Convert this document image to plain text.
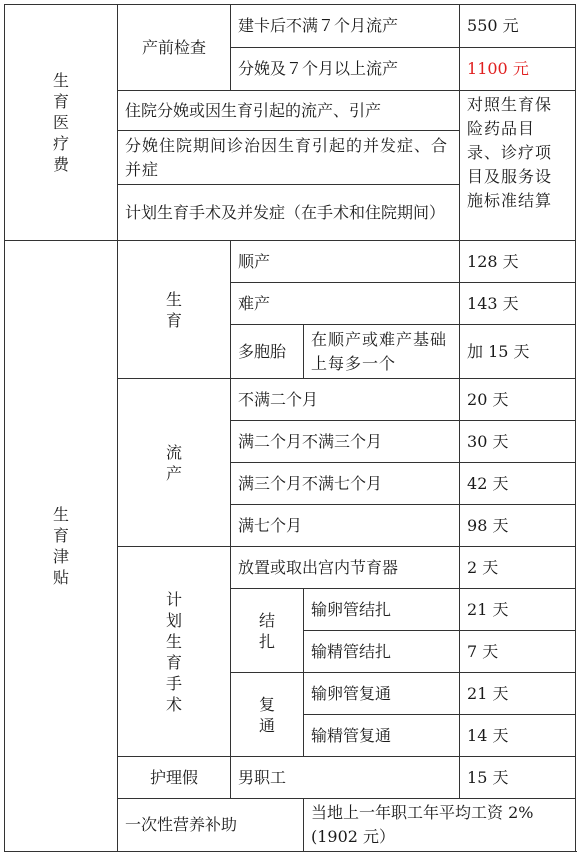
生育医疗费	产前检查	建卡后不满７个月流产		550 元
		分娩及７个月以上流产		1100 元
	住院分娩或因生育引起的流产、引产			对照生育保险药品目录、诊疗项目及服务设施标准结算
	分娩住院期间诊治因生育引起的并发症、合并症			
	计划生育手术及并发症（在手术和住院期间）			

生育津贴	生育	顺产		128 天
		难产		143 天
		多胞胎	在顺产或难产基础上每多一个	加 15 天

	流产	不满二个月		20 天
		满二个月不满三个月		30 天
		满三个月不满七个月		42 天
		满七个月		98 天

	计划生育手术	放置或取出宫内节育器		2 天

		结扎	输卵管结扎	21 天
			输精管结扎	7 天

		复通	输卵管复通	21 天
			输精管复通	14 天
	护理假	男职工		15 天
	一次性营养补助		当地上一年职工年平均工资 2%(1902 元）	
